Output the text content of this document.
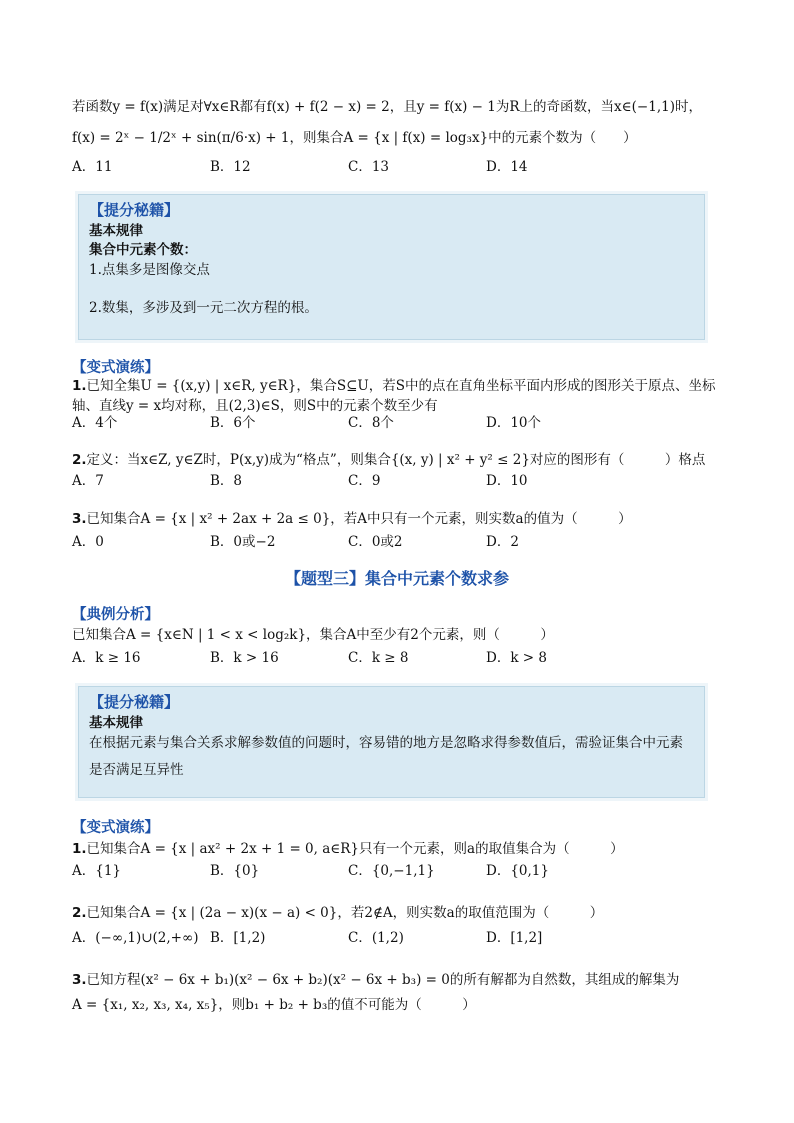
若函数y = f(x)满足对∀x∈R都有f(x) + f(2 − x) = 2，且y = f(x) − 1为R上的奇函数，当x∈(−1,1)时，
f(x) = 2ˣ − 1/2ˣ + sin(π/6·x) + 1，则集合A = {x | f(x) = log₃x}中的元素个数为（　　）
A．11	B．12	C．13	D．14
【提分秘籍】
基本规律
集合中元素个数：
1.点集多是图像交点
2.数集，多涉及到一元二次方程的根。
【变式演练】
1.已知全集U = {(x,y) | x∈R, y∈R}，集合S⊆U，若S中的点在直角坐标平面内形成的图形关于原点、坐标
轴、直线y = x均对称，且(2,3)∈S，则S中的元素个数至少有
A．4个	B．6个	C．8个	D．10个
2.定义：当x∈Z, y∈Z时，P(x,y)成为“格点”，则集合{(x, y) | x² + y² ≤ 2}对应的图形有（　　　）格点
A．7	B．8	C．9	D．10
3.已知集合A = {x | x² + 2ax + 2a ≤ 0}，若A中只有一个元素，则实数a的值为（　　　）
A．0	B．0或−2	C．0或2	D．2
【题型三】集合中元素个数求参
【典例分析】
已知集合A = {x∈N | 1 < x < log₂k}，集合A中至少有2个元素，则（　　　）
A．k ≥ 16	B．k > 16	C．k ≥ 8	D．k > 8
【提分秘籍】
基本规律
在根据元素与集合关系求解参数值的问题时，容易错的地方是忽略求得参数值后，需验证集合中元素
是否满足互异性
【变式演练】
1.已知集合A = {x | ax² + 2x + 1 = 0, a∈R}只有一个元素，则a的取值集合为（　　　）
A．{1}	B．{0}	C．{0,−1,1}	D．{0,1}
2.已知集合A = {x | (2a − x)(x − a) < 0}，若2∉A，则实数a的取值范围为（　　　）
A．(−∞,1)∪(2,+∞) B．[1,2)	C．(1,2)	D．[1,2]
3.已知方程(x² − 6x + b₁)(x² − 6x + b₂)(x² − 6x + b₃) = 0的所有解都为自然数，其组成的解集为
A = {x₁, x₂, x₃, x₄, x₅}，则b₁ + b₂ + b₃的值不可能为（　　　）
